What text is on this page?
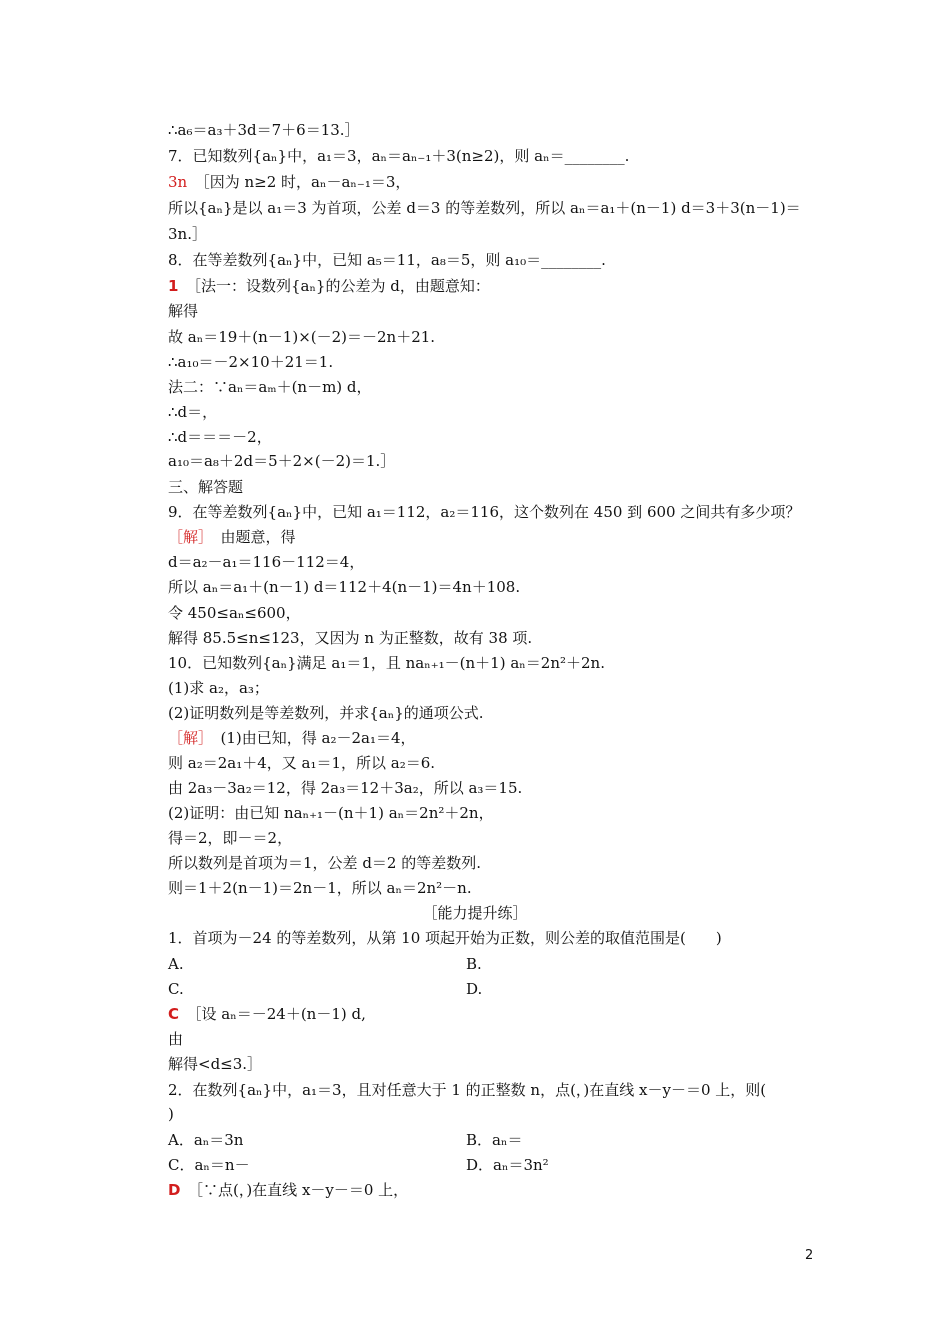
∴a₆＝a₃＋3d＝7＋6＝13.］
7．已知数列{aₙ}中，a₁＝3，aₙ＝aₙ₋₁＋3(n≥2)，则 aₙ＝________.
3n　 ［因为 n≥2 时，aₙ－aₙ₋₁＝3，
所以{aₙ}是以 a₁＝3 为首项，公差 d＝3 的等差数列，所以 aₙ＝a₁＋(n－1) d＝3＋3(n－1)＝
3n.］
8．在等差数列{aₙ}中，已知 a₅＝11，a₈＝5，则 a₁₀＝________.
1　 ［法一：设数列{aₙ}的公差为 d，由题意知：
解得
故 aₙ＝19＋(n－1)×(－2)＝－2n＋21.
∴a₁₀＝－2×10＋21＝1.
法二：∵aₙ＝aₘ＋(n－m) d，
∴d＝，
∴d＝＝＝－2，
a₁₀＝a₈＋2d＝5＋2×(－2)＝1.］
三、解答题
9．在等差数列{aₙ}中，已知 a₁＝112，a₂＝116，这个数列在 450 到 600 之间共有多少项？
［解］　 由题意，得
d＝a₂－a₁＝116－112＝4，
所以 aₙ＝a₁＋(n－1) d＝112＋4(n－1)＝4n＋108.
令 450≤aₙ≤600，
解得 85.5≤n≤123，又因为 n 为正整数，故有 38 项.
10．已知数列{aₙ}满足 a₁＝1，且 naₙ₊₁－(n＋1) aₙ＝2n²＋2n.
(1)求 a₂，a₃；
(2)证明数列是等差数列，并求{aₙ}的通项公式.
［解］　 (1)由已知，得 a₂－2a₁＝4，
则 a₂＝2a₁＋4，又 a₁＝1，所以 a₂＝6.
由 2a₃－3a₂＝12，得 2a₃＝12＋3a₂，所以 a₃＝15.
(2)证明：由已知 naₙ₊₁－(n＋1) aₙ＝2n²＋2n，
得＝2，即－＝2，
所以数列是首项为＝1，公差 d＝2 的等差数列.
则＝1＋2(n－1)＝2n－1，所以 aₙ＝2n²－n.
［能力提升练］
1．首项为－24 的等差数列，从第 10 项起开始为正数，则公差的取值范围是(　　)
A.	B.
C.	D.
C　 ［设 aₙ＝－24＋(n－1) d,
由
解得<d≤3.］
2．在数列{aₙ}中，a₁＝3，且对任意大于 1 的正整数 n，点(，)在直线 x－y－＝0 上，则(
)
A．aₙ＝3n	B．aₙ＝
C．aₙ＝n－	D．aₙ＝3n²
D　 ［∵点(，)在直线 x－y－＝0 上，
2
